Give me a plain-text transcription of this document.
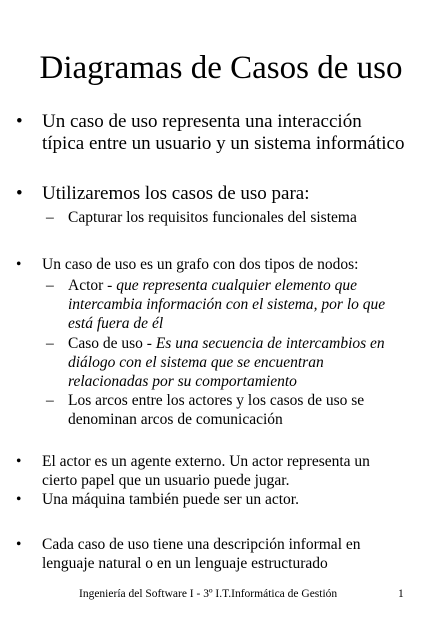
Diagramas de Casos de uso
•	Un caso de uso representa una interacción
típica entre un usuario y un sistema informático
•	Utilizaremos los casos de uso para:
– Capturar los requisitos funcionales del sistema
•	Un caso de uso es un grafo con dos tipos de nodos:
– Actor - que representa cualquier elemento que
intercambia información con el sistema, por lo que
está fuera de él
– Caso de uso - Es una secuencia de intercambios en
diálogo con el sistema que se encuentran
relacionadas por su comportamiento
– Los arcos entre los actores y los casos de uso se
denominan arcos de comunicación
•	El actor es un agente externo. Un actor representa un
cierto papel que un usuario puede jugar.
•	Una máquina también puede ser un actor.
•	Cada caso de uso tiene una descripción informal en
lenguaje natural o en un lenguaje estructurado
Ingeniería del Software I - 3º I.T.Informática de Gestión	1
